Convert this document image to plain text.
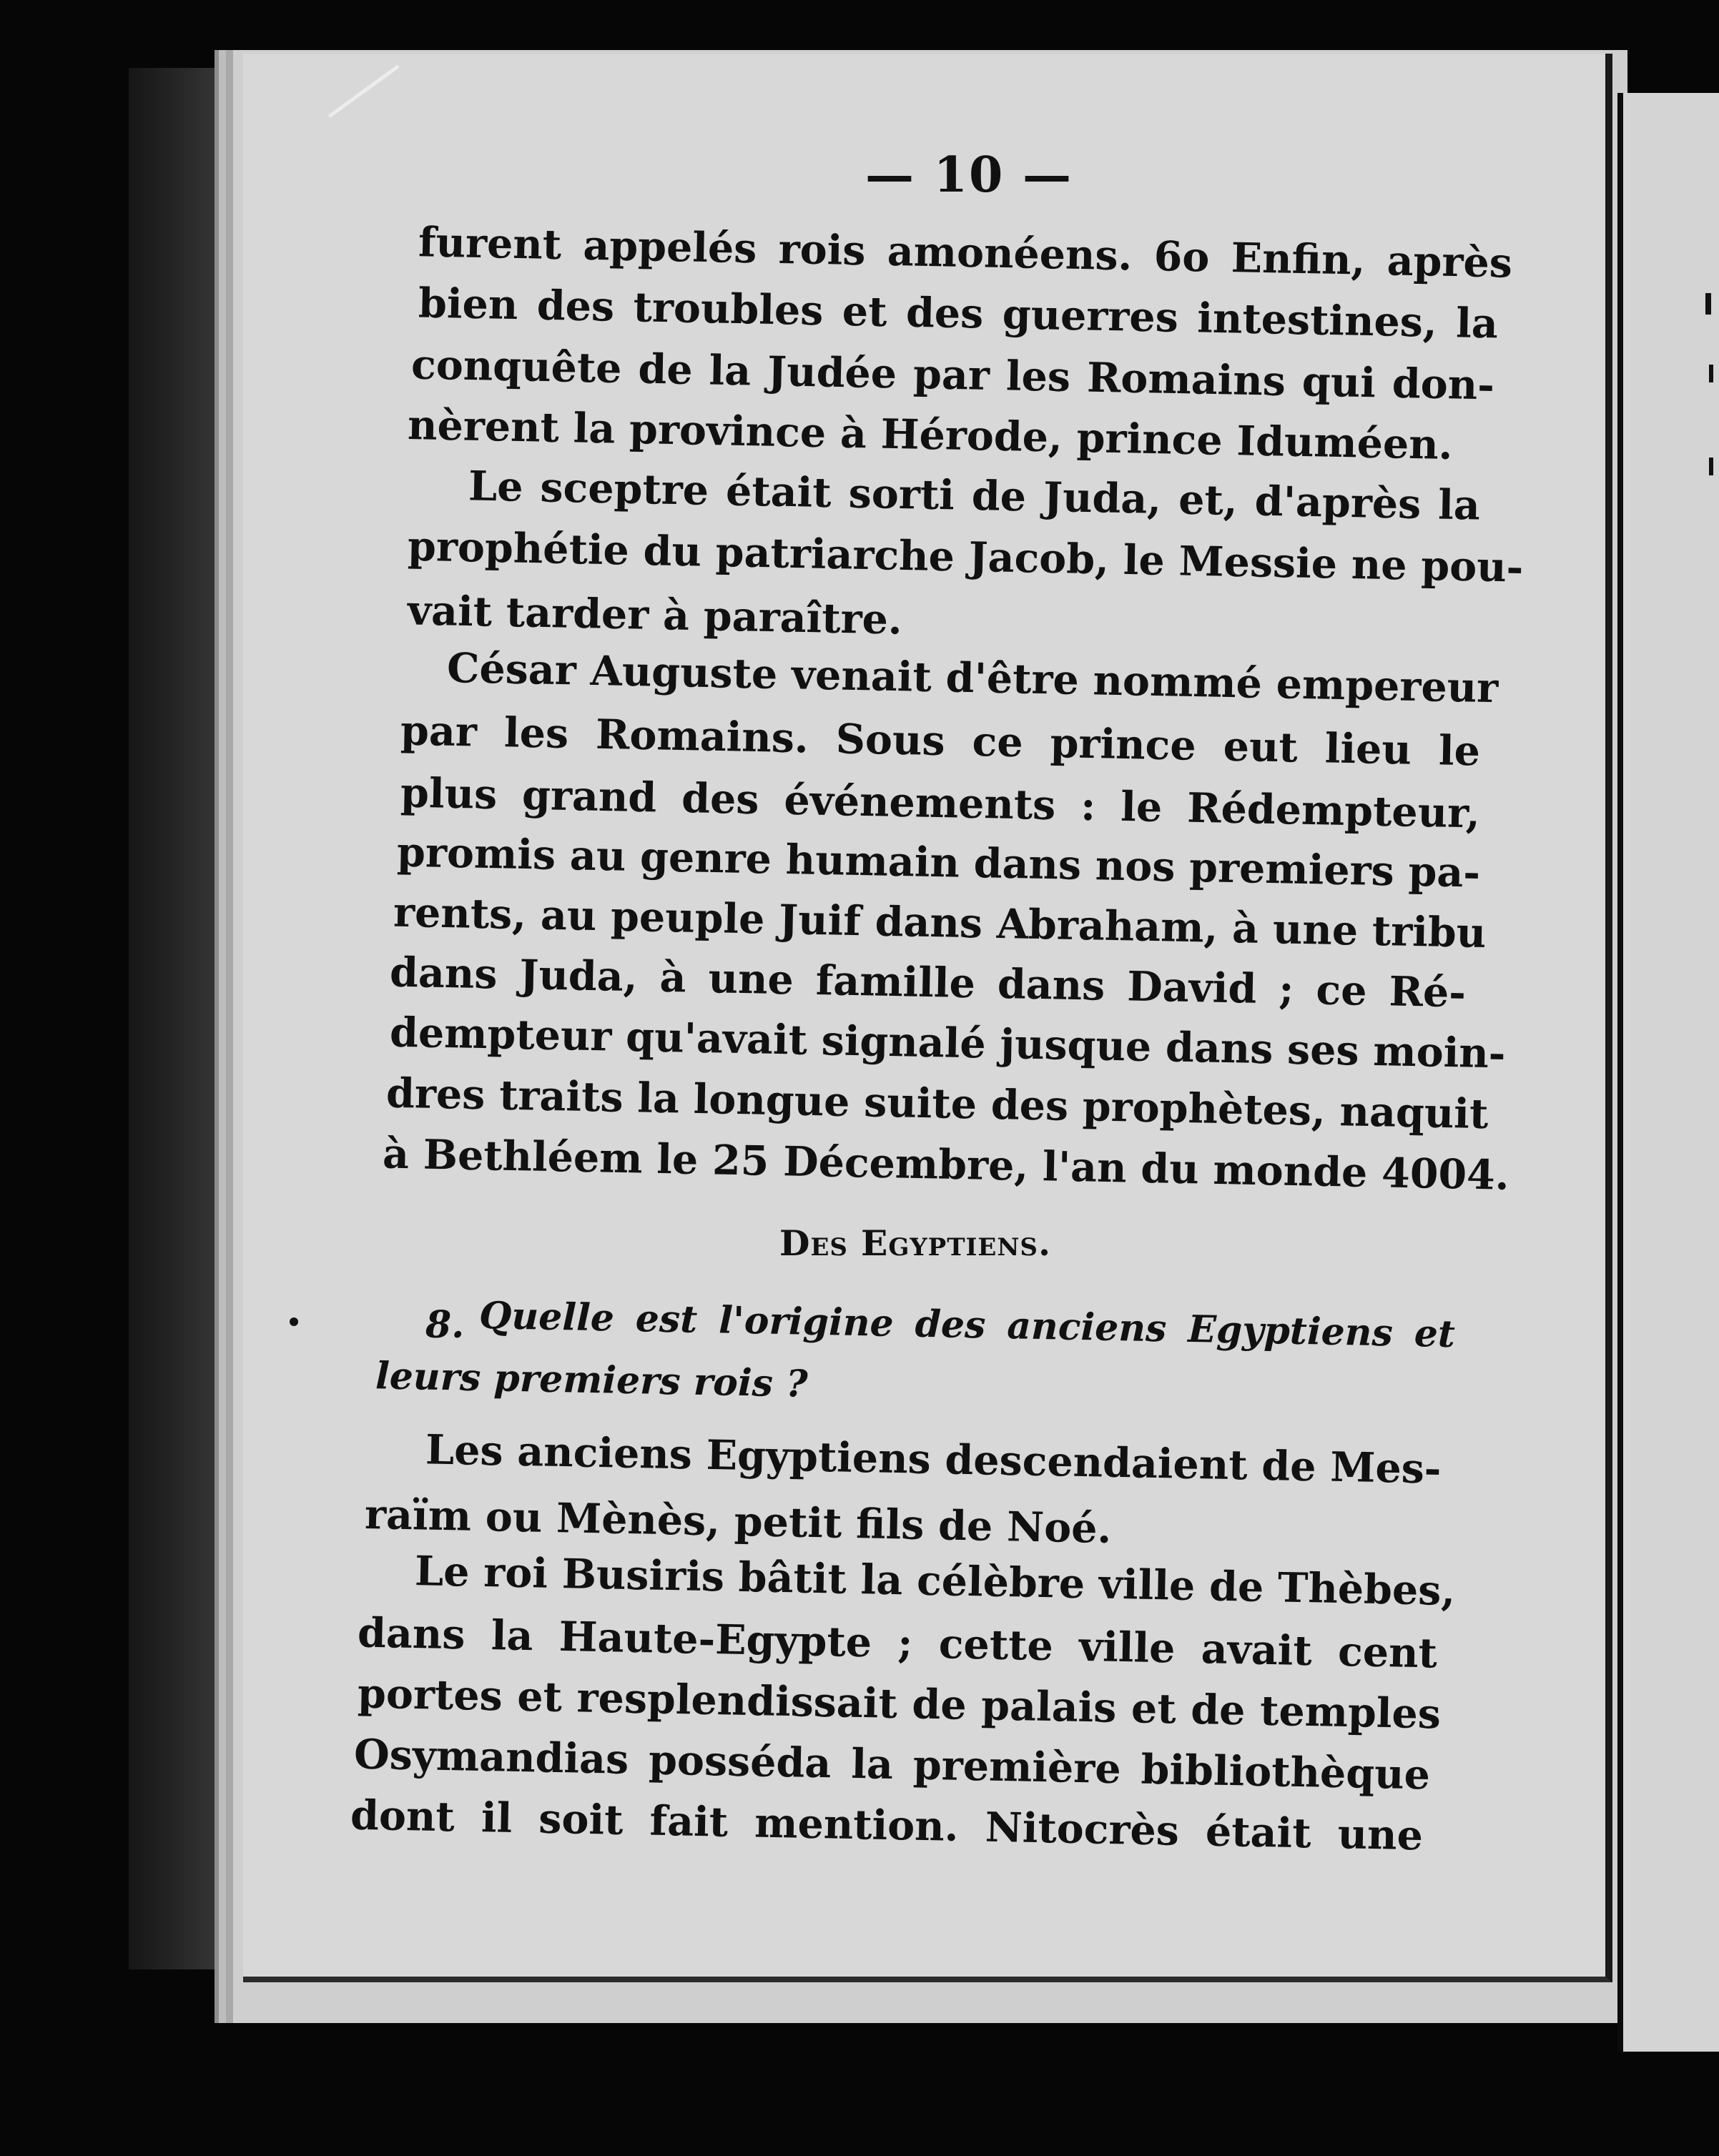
— 10 —
furent appelés rois amonéens. 6o Enfin, après
bien des troubles et des guerres intestines, la
conquête de la Judée par les Romains qui don-
nèrent la province à Hérode, prince Iduméen.
Le sceptre était sorti de Juda, et, d'après la
prophétie du patriarche Jacob, le Messie ne pou-
vait tarder à paraître.
César Auguste venait d'être nommé empereur
par les Romains. Sous ce prince eut lieu le
plus grand des événements : le Rédempteur,
promis au genre humain dans nos premiers pa-
rents, au peuple Juif dans Abraham, à une tribu
dans Juda, à une famille dans David ; ce Ré-
dempteur qu'avait signalé jusque dans ses moin-
dres traits la longue suite des prophètes, naquit
à Bethléem le 25 Décembre, l'an du monde 4004.
Des Egyptiens.
8. Quelle est l'origine des anciens Egyptiens et
leurs premiers rois ?
Les anciens Egyptiens descendaient de Mes-
raïm ou Mènès, petit fils de Noé.
Le roi Busiris bâtit la célèbre ville de Thèbes,
dans la Haute-Egypte ; cette ville avait cent
portes et resplendissait de palais et de temples
Osymandias posséda la première bibliothèque
dont il soit fait mention. Nitocrès était une
